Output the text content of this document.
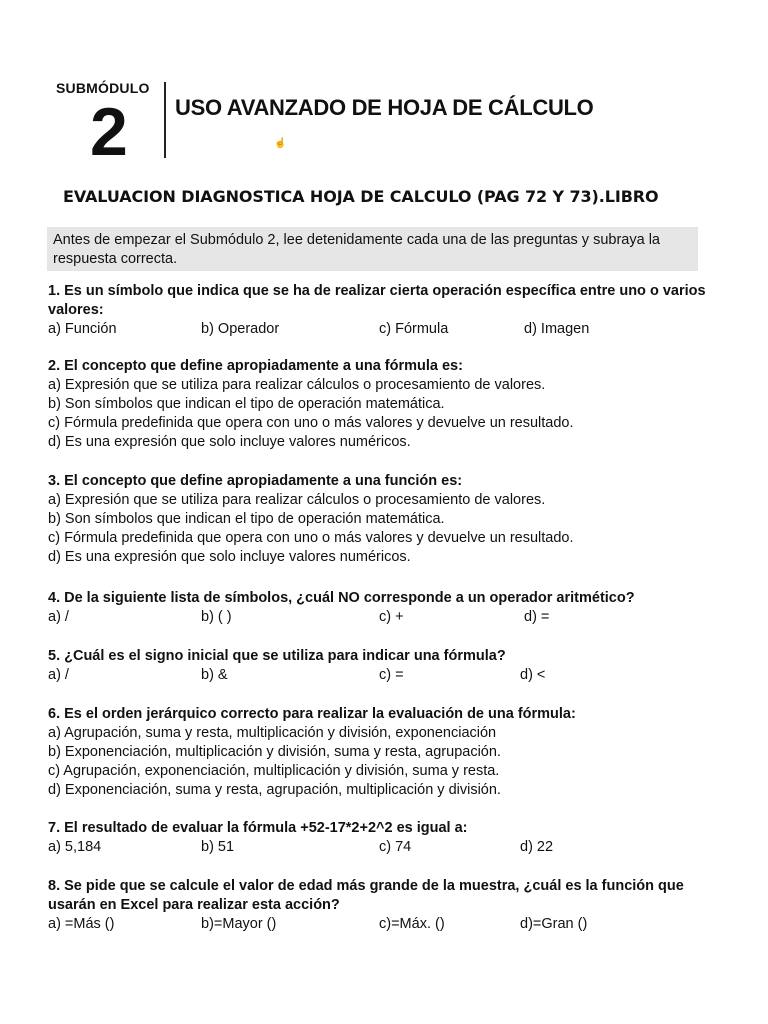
SUBMÓDULO
2 USO AVANZADO DE HOJA DE CÁLCULO
☝
EVALUACION DIAGNOSTICA HOJA DE CALCULO (PAG 72 Y 73).LIBRO
Antes de empezar el Submódulo 2, lee detenidamente cada una de las preguntas y subraya la respuesta correcta.

1. Es un símbolo que indica que se ha de realizar cierta operación específica entre uno o varios valores:

a) Función	b) Operador	c) Fórmula	d) Imagen

2. El concepto que define apropiadamente a una fórmula es:

a) Expresión que se utiliza para realizar cálculos o procesamiento de valores.
b) Son símbolos que indican el tipo de operación matemática.
c) Fórmula predefinida que opera con uno o más valores y devuelve un resultado.
d) Es una expresión que solo incluye valores numéricos.

3. El concepto que define apropiadamente a una función es:

a) Expresión que se utiliza para realizar cálculos o procesamiento de valores.
b) Son símbolos que indican el tipo de operación matemática.
c) Fórmula predefinida que opera con uno o más valores y devuelve un resultado.
d) Es una expresión que solo incluye valores numéricos.

4. De la siguiente lista de símbolos, ¿cuál NO corresponde a un operador aritmético?

a) /	b) ( )	c) +	d) =

5. ¿Cuál es el signo inicial que se utiliza para indicar una fórmula?

a) /	b) &	c) =	d) <

6. Es el orden jerárquico correcto para realizar la evaluación de una fórmula:

a) Agrupación, suma y resta, multiplicación y división, exponenciación
b) Exponenciación, multiplicación y división, suma y resta, agrupación.
c) Agrupación, exponenciación, multiplicación y división, suma y resta.
d) Exponenciación, suma y resta, agrupación, multiplicación y división.

7. El resultado de evaluar la fórmula +52-17*2+2^2 es igual a:

a) 5,184	b) 51	c) 74	d) 22

8. Se pide que se calcule el valor de edad más grande de la muestra, ¿cuál es la función que usarán en Excel para realizar esta acción?

a) =Más ()	b)=Mayor ()	c)=Máx. ()	d)=Gran ()
